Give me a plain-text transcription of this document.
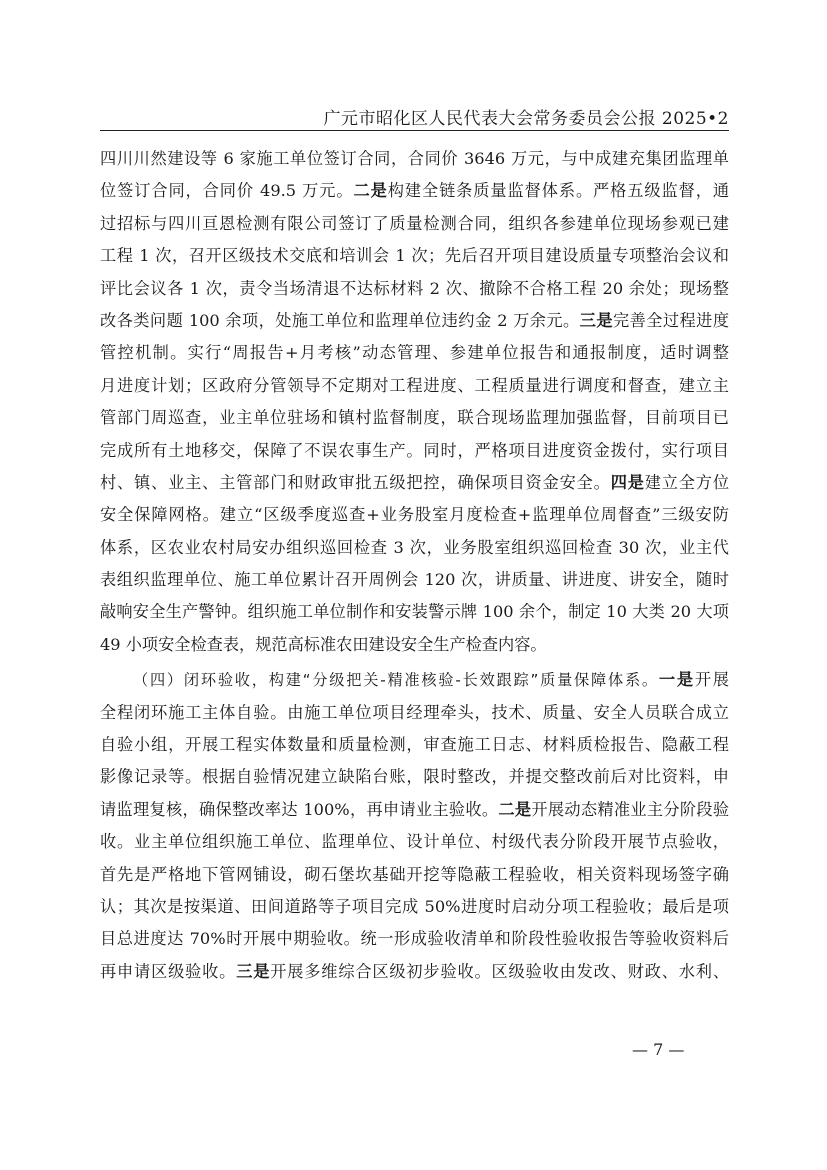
广元市昭化区人民代表大会常务委员会公报 2025•2
四川川然建设等 6 家施工单位签订合同，合同价 3646 万元，与中成建充集团监理单
位签订合同，合同价 49.5 万元。二是构建全链条质量监督体系。严格五级监督，通
过招标与四川亘恩检测有限公司签订了质量检测合同，组织各参建单位现场参观已建
工程 1 次，召开区级技术交底和培训会 1 次；先后召开项目建设质量专项整治会议和
评比会议各 1 次，责令当场清退不达标材料 2 次、撤除不合格工程 20 余处；现场整
改各类问题 100 余项，处施工单位和监理单位违约金 2 万余元。三是完善全过程进度
管控机制。实行“周报告+月考核”动态管理、参建单位报告和通报制度，适时调整
月进度计划；区政府分管领导不定期对工程进度、工程质量进行调度和督查，建立主
管部门周巡查，业主单位驻场和镇村监督制度，联合现场监理加强监督，目前项目已
完成所有土地移交，保障了不误农事生产。同时，严格项目进度资金拨付，实行项目
村、镇、业主、主管部门和财政审批五级把控，确保项目资金安全。四是建立全方位
安全保障网格。建立“区级季度巡查+业务股室月度检查+监理单位周督查”三级安防
体系，区农业农村局安办组织巡回检查 3 次，业务股室组织巡回检查 30 次，业主代
表组织监理单位、施工单位累计召开周例会 120 次，讲质量、讲进度、讲安全，随时
敲响安全生产警钟。组织施工单位制作和安装警示牌 100 余个，制定 10 大类 20 大项
49 小项安全检查表，规范高标准农田建设安全生产检查内容。
（四）闭环验收，构建“分级把关-精准核验-长效跟踪”质量保障体系。一是开展
全程闭环施工主体自验。由施工单位项目经理牵头，技术、质量、安全人员联合成立
自验小组，开展工程实体数量和质量检测，审查施工日志、材料质检报告、隐蔽工程
影像记录等。根据自验情况建立缺陷台账，限时整改，并提交整改前后对比资料，申
请监理复核，确保整改率达 100%，再申请业主验收。二是开展动态精准业主分阶段验
收。业主单位组织施工单位、监理单位、设计单位、村级代表分阶段开展节点验收，
首先是严格地下管网铺设，砌石堡坎基础开挖等隐蔽工程验收，相关资料现场签字确
认；其次是按渠道、田间道路等子项目完成 50%进度时启动分项工程验收；最后是项
目总进度达 70%时开展中期验收。统一形成验收清单和阶段性验收报告等验收资料后
再申请区级验收。三是开展多维综合区级初步验收。区级验收由发改、财政、水利、
— 7 —
